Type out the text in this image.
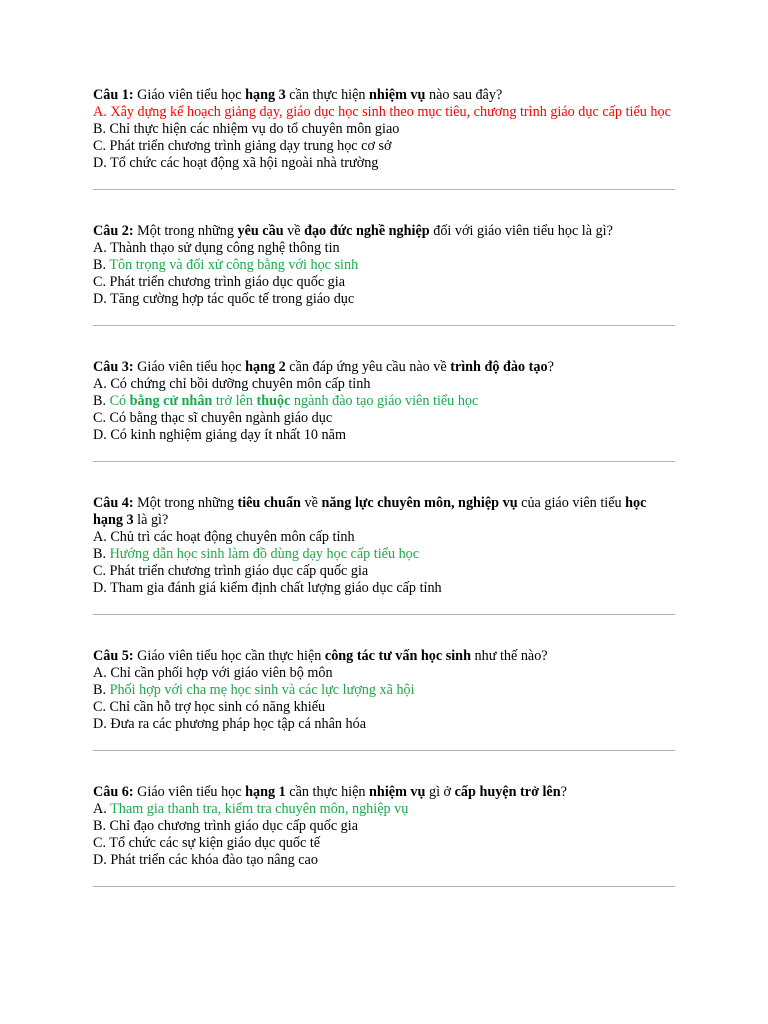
Câu 1: Giáo viên tiểu học hạng 3 cần thực hiện nhiệm vụ nào sau đây?

A. Xây dựng kế hoạch giảng dạy, giáo dục học sinh theo mục tiêu, chương trình giáo dục cấp tiểu học

B. Chỉ thực hiện các nhiệm vụ do tổ chuyên môn giao

C. Phát triển chương trình giảng dạy trung học cơ sở

D. Tổ chức các hoạt động xã hội ngoài nhà trường

Câu 2: Một trong những yêu cầu về đạo đức nghề nghiệp đối với giáo viên tiểu học là gì?

A. Thành thạo sử dụng công nghệ thông tin

B. Tôn trọng và đối xử công bằng với học sinh

C. Phát triển chương trình giáo dục quốc gia

D. Tăng cường hợp tác quốc tế trong giáo dục

Câu 3: Giáo viên tiểu học hạng 2 cần đáp ứng yêu cầu nào về trình độ đào tạo?

A. Có chứng chỉ bồi dưỡng chuyên môn cấp tỉnh

B. Có bằng cử nhân trở lên thuộc ngành đào tạo giáo viên tiểu học

C. Có bằng thạc sĩ chuyên ngành giáo dục

D. Có kinh nghiệm giảng dạy ít nhất 10 năm

Câu 4: Một trong những tiêu chuẩn về năng lực chuyên môn, nghiệp vụ của giáo viên tiểu học hạng 3 là gì?

A. Chủ trì các hoạt động chuyên môn cấp tỉnh

B. Hướng dẫn học sinh làm đồ dùng dạy học cấp tiểu học

C. Phát triển chương trình giáo dục cấp quốc gia

D. Tham gia đánh giá kiểm định chất lượng giáo dục cấp tỉnh

Câu 5: Giáo viên tiểu học cần thực hiện công tác tư vấn học sinh như thế nào?

A. Chỉ cần phối hợp với giáo viên bộ môn

B. Phối hợp với cha mẹ học sinh và các lực lượng xã hội

C. Chỉ cần hỗ trợ học sinh có năng khiếu

D. Đưa ra các phương pháp học tập cá nhân hóa

Câu 6: Giáo viên tiểu học hạng 1 cần thực hiện nhiệm vụ gì ở cấp huyện trở lên?

A. Tham gia thanh tra, kiểm tra chuyên môn, nghiệp vụ

B. Chỉ đạo chương trình giáo dục cấp quốc gia

C. Tổ chức các sự kiện giáo dục quốc tế

D. Phát triển các khóa đào tạo nâng cao
